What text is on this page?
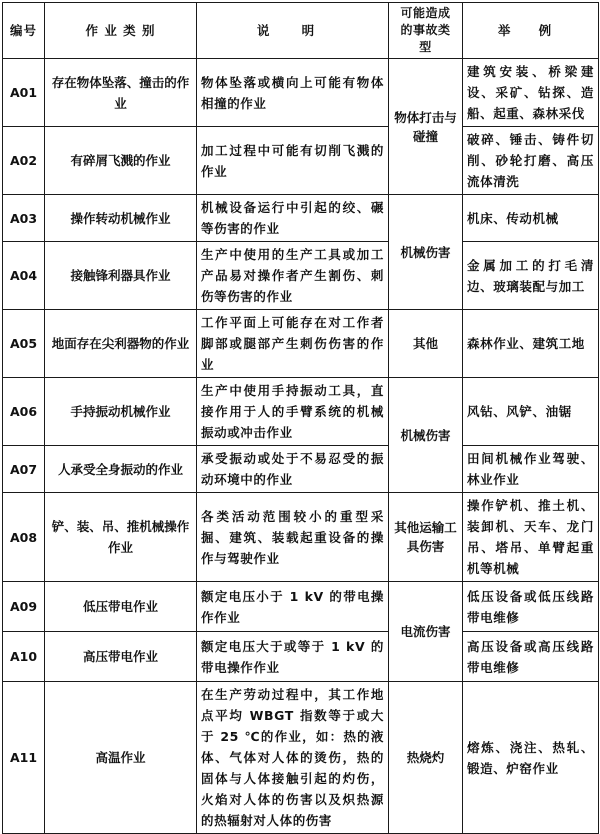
编号	作 业 类 别	说 明	可能造成的事故类型	举 例
A01	存在物体坠落、撞击的作业	物体坠落或横向上可能有物体相撞的作业	物体打击与碰撞	建筑安装、桥梁建设、采矿、钻探、造船、起重、森林采伐
A02	有碎屑飞溅的作业	加工过程中可能有切削飞溅的作业		破碎、锤击、铸件切削、砂轮打磨、高压流体清洗
A03	操作转动机械作业	机械设备运行中引起的绞、碾等伤害的作业	机械伤害	机床、传动机械
A04	接触锋利器具作业	生产中使用的生产工具或加工产品易对操作者产生割伤、刺伤等伤害的作业		金属加工的打毛清边、玻璃装配与加工
A05	地面存在尖利器物的作业	工作平面上可能存在对工作者脚部或腿部产生刺伤伤害的作业	其他	森林作业、建筑工地
A06	手持振动机械作业	生产中使用手持振动工具，直接作用于人的手臂系统的机械振动或冲击作业	机械伤害	风钻、风铲、油锯
A07	人承受全身振动的作业	承受振动或处于不易忍受的振动环境中的作业		田间机械作业驾驶、林业作业
A08	铲、装、吊、推机械操作作业	各类活动范围较小的重型采掘、建筑、装载起重设备的操作与驾驶作业	其他运输工具伤害	操作铲机、推土机、装卸机、天车、龙门吊、塔吊、单臂起重机等机械
A09	低压带电作业	额定电压小于 1 kV 的带电操作作业	电流伤害	低压设备或低压线路带电维修
A10	高压带电作业	额定电压大于或等于 1 kV 的带电操作作业		高压设备或高压线路带电维修
A11	高温作业	在生产劳动过程中，其工作地点平均 WBGT 指数等于或大于 25 ℃的作业，如：热的液体、气体对人体的烫伤，热的固体与人体接触引起的灼伤，火焰对人体的伤害以及炽热源的热辐射对人体的伤害	热烧灼	熔炼、浇注、热轧、锻造、炉窑作业
